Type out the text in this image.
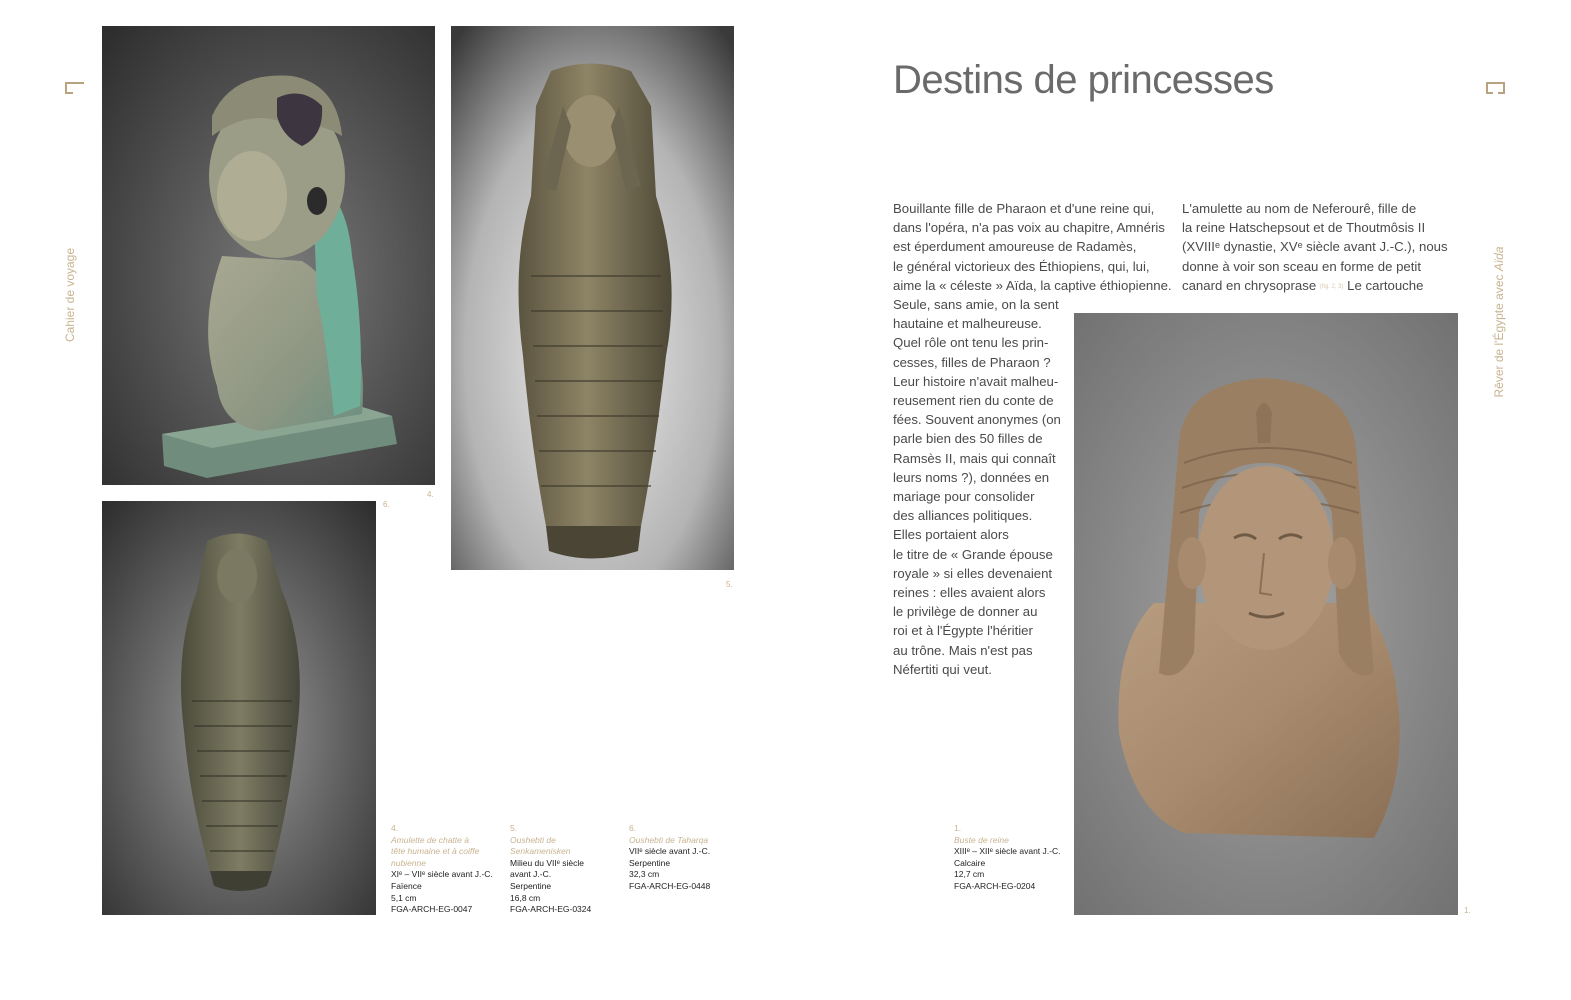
Cahier de voyage
4.
5.
6.
4.
Amulette de chatte à
tête humaine et à coiffe
nubienne
XIᵉ – VIIᵉ siècle avant J.-C.
Faïence
5,1 cm
FGA-ARCH-EG-0047
5.
Oushebti de
Senkamenisken
Milieu du VIIᵉ siècle
avant J.-C.
Serpentine
16,8 cm
FGA-ARCH-EG-0324
6.
Oushebti de Taharqa
VIIᵉ siècle avant J.-C.
Serpentine
32,3 cm
FGA-ARCH-EG-0448
Rêver de l'Égypte avec Aïda
Destins de princesses
Bouillante fille de Pharaon et d'une reine qui,
dans l'opéra, n'a pas voix au chapitre, Amnéris
est éperdument amoureuse de Radamès,
le général victorieux des Éthiopiens, qui, lui,
aime la « céleste » Aïda, la captive éthiopienne.
Seule, sans amie, on la sent
hautaine et malheureuse.
Quel rôle ont tenu les prin-
cesses, filles de Pharaon ?
Leur histoire n'avait malheu-
reusement rien du conte de
fées. Souvent anonymes (on
parle bien des 50 filles de
Ramsès II, mais qui connaît
leurs noms ?), données en
mariage pour consolider
des alliances politiques.
Elles portaient alors
le titre de « Grande épouse
royale » si elles devenaient
reines : elles avaient alors
le privilège de donner au
roi et à l'Égypte l'héritier
au trône. Mais n'est pas
Néfertiti qui veut.
L'amulette au nom de Neferourê, fille de
la reine Hatschepsout et de Thoutmôsis II
(XVIIIᵉ dynastie, XVᵉ siècle avant J.-C.), nous
donne à voir son sceau en forme de petit
canard en chrysoprase (fig. 2, 3) Le cartouche
1.
1.
Buste de reine
XIIIᵉ – XIIᵉ siècle avant J.-C.
Calcaire
12,7 cm
FGA-ARCH-EG-0204
